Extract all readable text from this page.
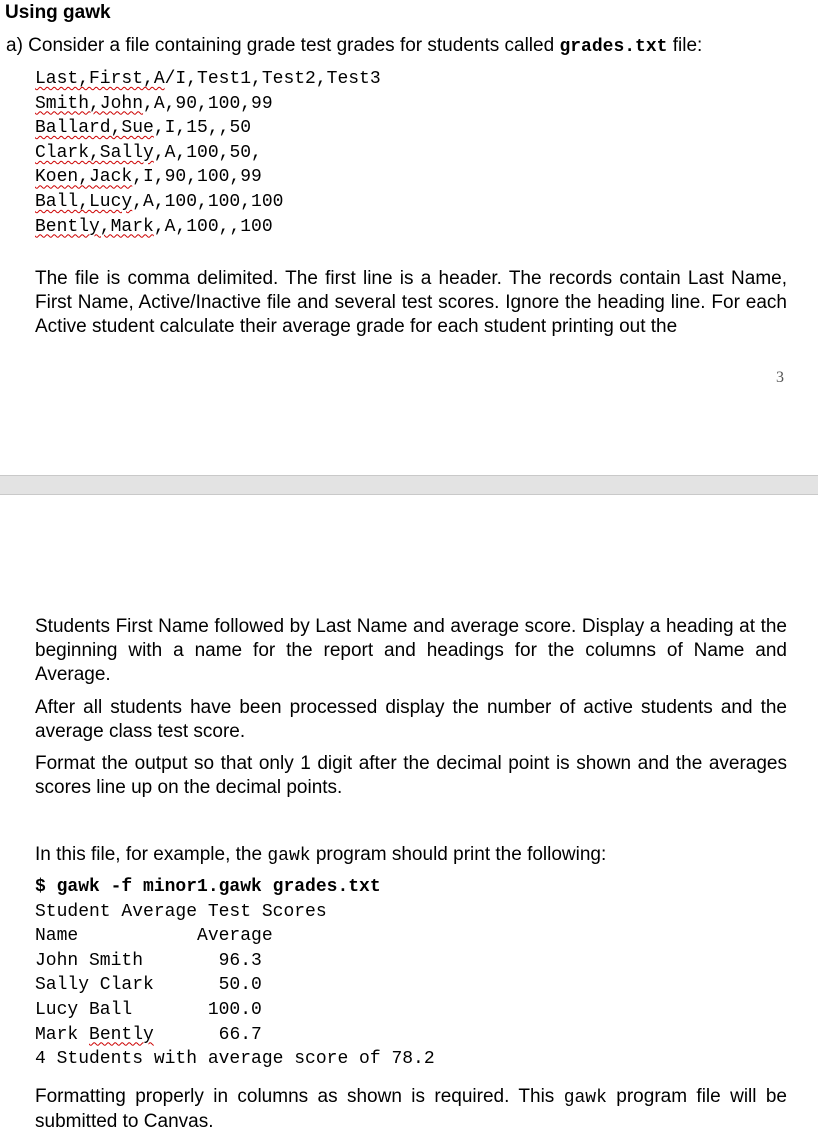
Using gawk
a) Consider a file containing grade test grades for students called grades.txt file:
Last,First,A/I,Test1,Test2,Test3
Smith,John,A,90,100,99
Ballard,Sue,I,15,,50
Clark,Sally,A,100,50,
Koen,Jack,I,90,100,99
Ball,Lucy,A,100,100,100
Bently,Mark,A,100,,100
The file is comma delimited. The first line is a header. The records contain Last Name, First Name, Active/Inactive file and several test scores. Ignore the heading line. For each Active student calculate their average grade for each student printing out the
3
Students First Name followed by Last Name and average score. Display a heading at the beginning with a name for the report and headings for the columns of Name and Average.
After all students have been processed display the number of active students and the average class test score.
Format the output so that only 1 digit after the decimal point is shown and the averages scores line up on the decimal points.
In this file, for example, the gawk program should print the following:
$ gawk -f minor1.gawk grades.txt
Student Average Test Scores
Name           Average
John Smith       96.3
Sally Clark      50.0
Lucy Ball       100.0
Mark Bently      66.7
4 Students with average score of 78.2
Formatting properly in columns as shown is required. This gawk program file will be submitted to Canvas.
